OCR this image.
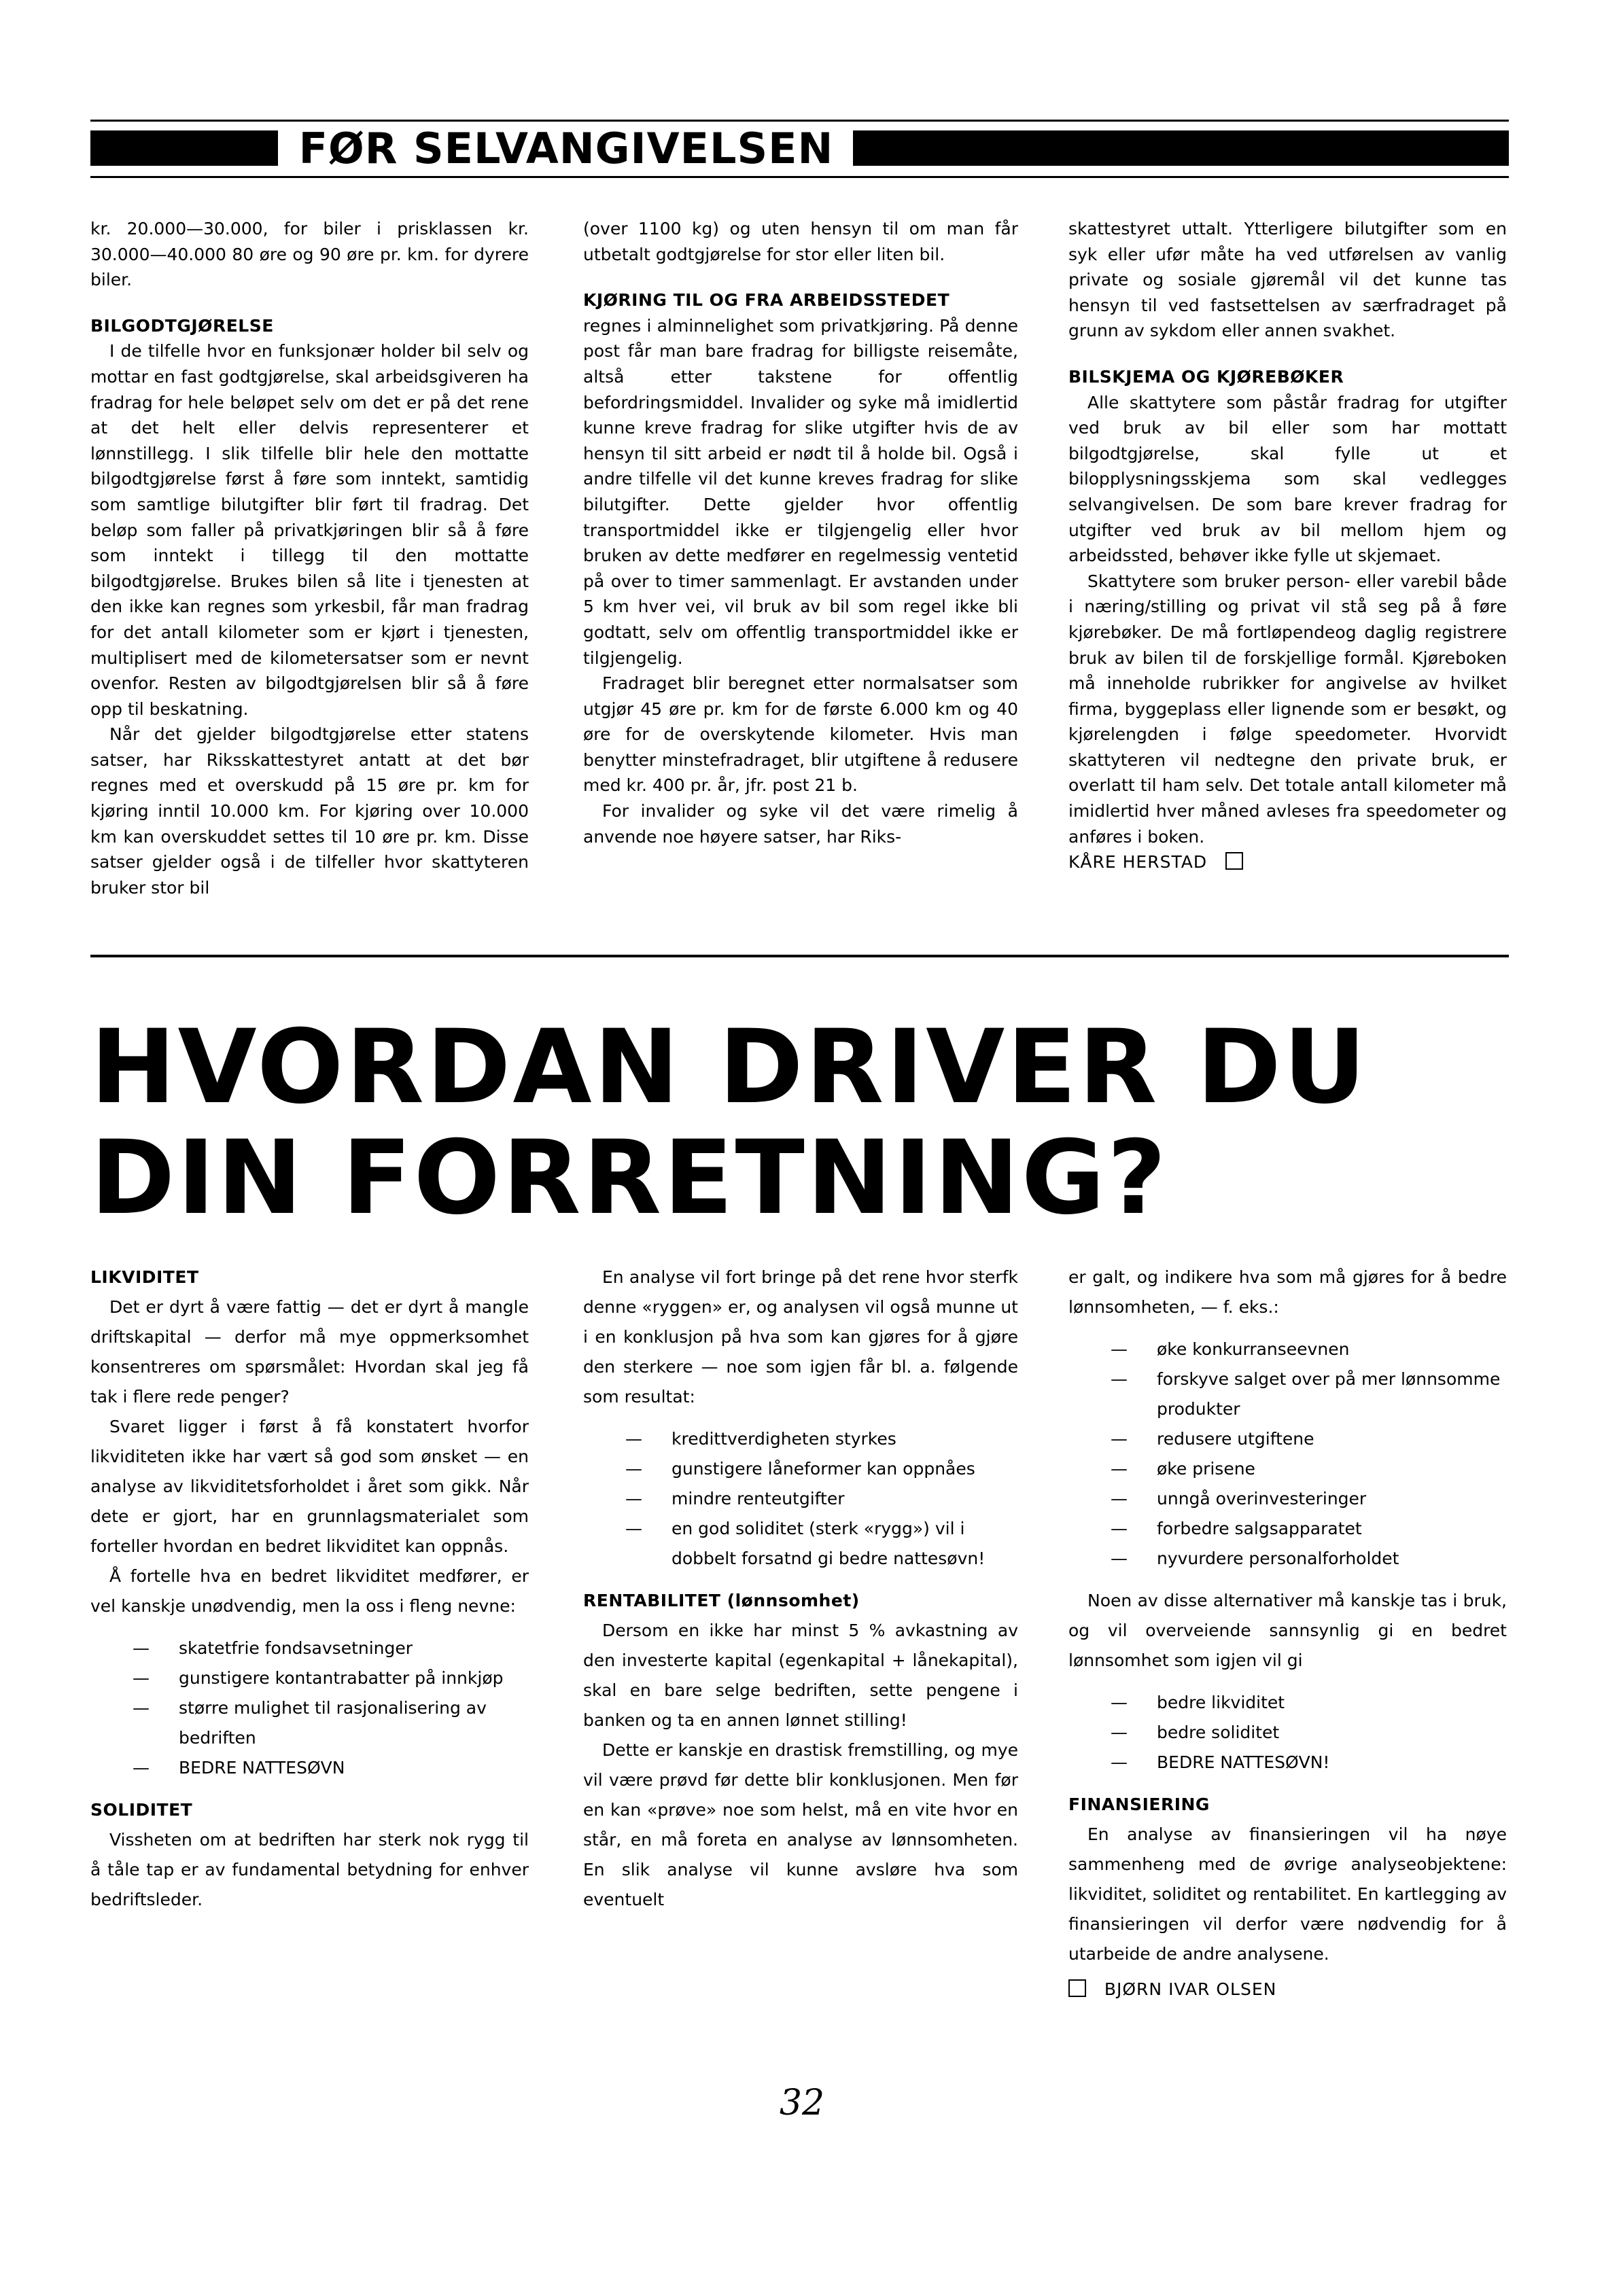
FØR SELVANGIVELSEN

kr. 20.000—30.000, for biler i prisklassen kr. 30.000—40.000 80 øre og 90 øre pr. km. for dyrere biler.

BILGODTGJØRELSE

I de tilfelle hvor en funksjonær holder bil selv og mottar en fast godtgjørelse, skal arbeidsgiveren ha fradrag for hele beløpet selv om det er på det rene at det helt eller delvis representerer et lønnstillegg. I slik tilfelle blir hele den mottatte bilgodtgjørelse først å føre som inntekt, samtidig som samtlige bilutgifter blir ført til fradrag. Det beløp som faller på privatkjøringen blir så å føre som inntekt i tillegg til den mottatte bilgodtgjørelse. Brukes bilen så lite i tjenesten at den ikke kan regnes som yrkesbil, får man fradrag for det antall kilometer som er kjørt i tjenesten, multiplisert med de kilometersatser som er nevnt ovenfor. Resten av bilgodtgjørelsen blir så å føre opp til beskatning.

Når det gjelder bilgodtgjørelse etter statens satser, har Riksskattestyret antatt at det bør regnes med et overskudd på 15 øre pr. km for kjøring inntil 10.000 km. For kjøring over 10.000 km kan overskuddet settes til 10 øre pr. km. Disse satser gjelder også i de tilfeller hvor skattyteren bruker stor bil

(over 1100 kg) og uten hensyn til om man får utbetalt godtgjørelse for stor eller liten bil.

KJØRING TIL OG FRA ARBEIDSSTEDET

regnes i alminnelighet som privatkjøring. På denne post får man bare fradrag for billigste reisemåte, altså etter takstene for offentlig befordringsmiddel. Invalider og syke må imidlertid kunne kreve fradrag for slike utgifter hvis de av hensyn til sitt arbeid er nødt til å holde bil. Også i andre tilfelle vil det kunne kreves fradrag for slike bilutgifter. Dette gjelder hvor offentlig transportmiddel ikke er tilgjengelig eller hvor bruken av dette medfører en regelmessig ventetid på over to timer sammenlagt. Er avstanden under 5 km hver vei, vil bruk av bil som regel ikke bli godtatt, selv om offentlig transportmiddel ikke er tilgjengelig.

Fradraget blir beregnet etter normalsatser som utgjør 45 øre pr. km for de første 6.000 km og 40 øre for de overskytende kilometer. Hvis man benytter minstefradraget, blir utgiftene å redusere med kr. 400 pr. år, jfr. post 21 b.

For invalider og syke vil det være rimelig å anvende noe høyere satser, har Riks-

skattestyret uttalt. Ytterligere bilutgifter som en syk eller ufør måte ha ved utførelsen av vanlig private og sosiale gjøremål vil det kunne tas hensyn til ved fastsettelsen av særfradraget på grunn av sykdom eller annen svakhet.

BILSKJEMA OG KJØREBØKER

Alle skattytere som påstår fradrag for utgifter ved bruk av bil eller som har mottatt bilgodtgjørelse, skal fylle ut et bilopplysningsskjema som skal vedlegges selvangivelsen. De som bare krever fradrag for utgifter ved bruk av bil mellom hjem og arbeidssted, behøver ikke fylle ut skjemaet.

Skattytere som bruker person- eller varebil både i næring/stilling og privat vil stå seg på å føre kjørebøker. De må fortløpendeog daglig registrere bruk av bilen til de forskjellige formål. Kjøreboken må inneholde rubrikker for angivelse av hvilket firma, byggeplass eller lignende som er besøkt, og kjørelengden i følge speedometer. Hvorvidt skattyteren vil nedtegne den private bruk, er overlatt til ham selv. Det totale antall kilometer må imidlertid hver måned avleses fra speedometer og anføres i boken.

KÅRE HERSTAD

HVORDAN DRIVER DU
DIN FORRETNING?
LIKVIDITET

Det er dyrt å være fattig — det er dyrt å mangle driftskapital — derfor må mye oppmerksomhet konsentreres om spørsmålet: Hvordan skal jeg få tak i flere rede penger?

Svaret ligger i først å få konstatert hvorfor likviditeten ikke har vært så god som ønsket — en analyse av likviditetsforholdet i året som gikk. Når dete er gjort, har en grunnlagsmaterialet som forteller hvordan en bedret likviditet kan oppnås.

Å fortelle hva en bedret likviditet medfører, er vel kanskje unødvendig, men la oss i fleng nevne:

— skatetfrie fondsavsetninger
— gunstigere kontantrabatter på innkjøp
— større mulighet til rasjonalisering av bedriften
— BEDRE NATTESØVN
SOLIDITET

Vissheten om at bedriften har sterk nok rygg til å tåle tap er av fundamental betydning for enhver bedriftsleder.

En analyse vil fort bringe på det rene hvor sterfk denne «ryggen» er, og analysen vil også munne ut i en konklusjon på hva som kan gjøres for å gjøre den sterkere — noe som igjen får bl. a. følgende som resultat:

— kredittverdigheten styrkes
— gunstigere låneformer kan oppnåes
— mindre renteutgifter
— en god soliditet (sterk «rygg») vil i dobbelt forsatnd gi bedre nattesøvn!
RENTABILITET (lønnsomhet)

Dersom en ikke har minst 5 % avkastning av den investerte kapital (egenkapital + lånekapital), skal en bare selge bedriften, sette pengene i banken og ta en annen lønnet stilling!

Dette er kanskje en drastisk fremstilling, og mye vil være prøvd før dette blir konklusjonen. Men før en kan «prøve» noe som helst, må en vite hvor en står, en må foreta en analyse av lønnsomheten. En slik analyse vil kunne avsløre hva som eventuelt

er galt, og indikere hva som må gjøres for å bedre lønnsomheten, — f. eks.:

— øke konkurranseevnen
— forskyve salget over på mer lønnsomme produkter
— redusere utgiftene
— øke prisene
— unngå overinvesteringer
— forbedre salgsapparatet
— nyvurdere personalforholdet

Noen av disse alternativer må kanskje tas i bruk, og vil overveiende sannsynlig gi en bedret lønnsomhet som igjen vil gi

— bedre likviditet
— bedre soliditet
— BEDRE NATTESØVN!
FINANSIERING

En analyse av finansieringen vil ha nøye sammenheng med de øvrige analyseobjektene: likviditet, soliditet og rentabilitet. En kartlegging av finansieringen vil derfor være nødvendig for å utarbeide de andre analysene.

BJØRN IVAR OLSEN

32
